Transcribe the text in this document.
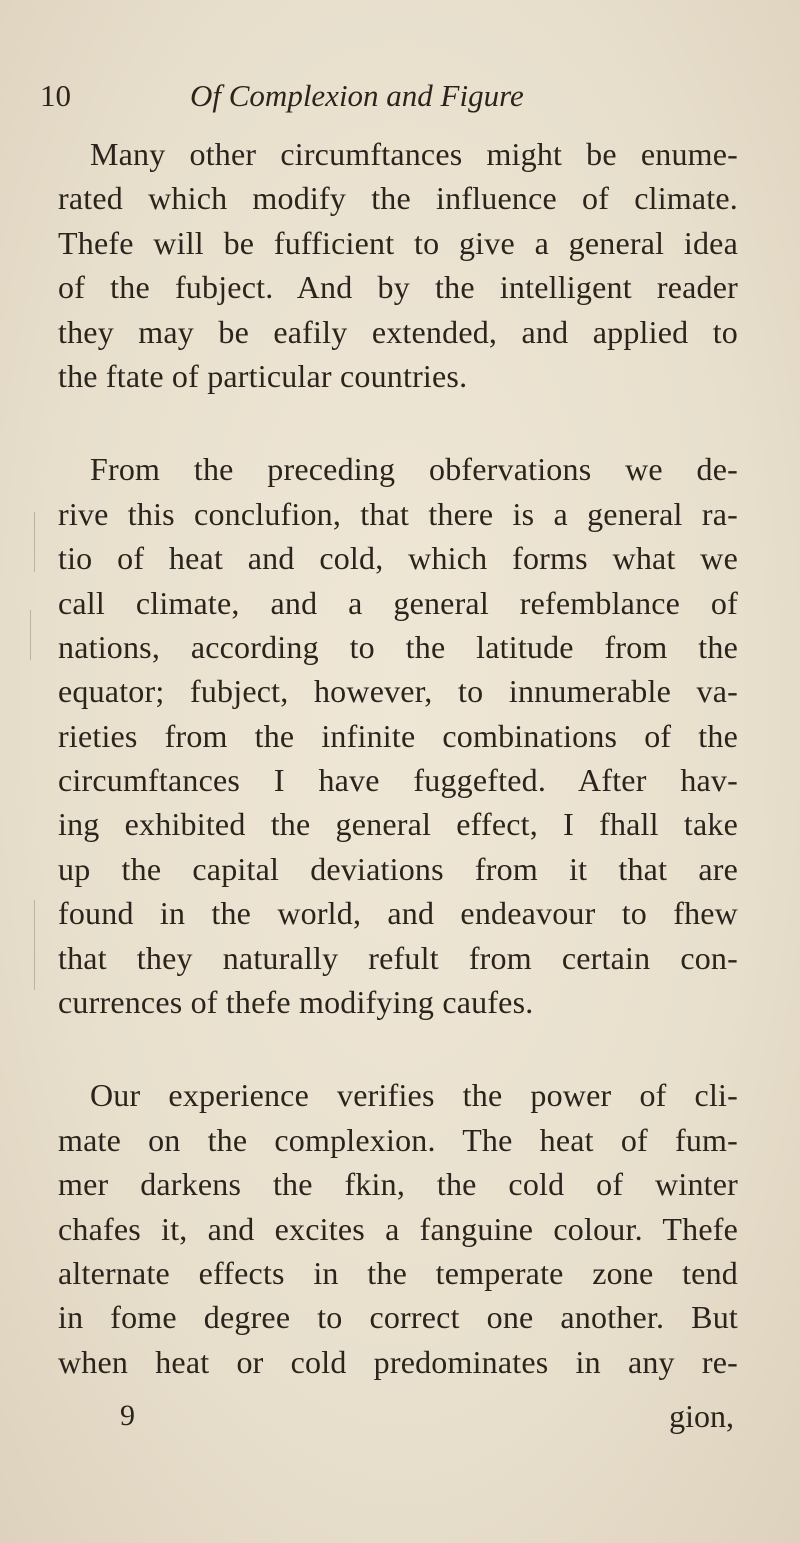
10	Of Complexion and Figure
Many other circumftances might be enume-
rated which modify the influence of climate.
Thefe will be fufficient to give a general idea
of the fubject. And by the intelligent reader
they may be eafily extended, and applied to
the ftate of particular countries.
From the preceding obfervations we de-
rive this conclufion, that there is a general ra-
tio of heat and cold, which forms what we
call climate, and a general refemblance of
nations, according to the latitude from the
equator; fubject, however, to innumerable va-
rieties from the infinite combinations of the
circumftances I have fuggefted. After hav-
ing exhibited the general effect, I fhall take
up the capital deviations from it that are
found in the world, and endeavour to fhew
that they naturally refult from certain con-
currences of thefe modifying caufes.
Our experience verifies the power of cli-
mate on the complexion. The heat of fum-
mer darkens the fkin, the cold of winter
chafes it, and excites a fanguine colour. Thefe
alternate effects in the temperate zone tend
in fome degree to correct one another. But
when heat or cold predominates in any re-
9	gion,
